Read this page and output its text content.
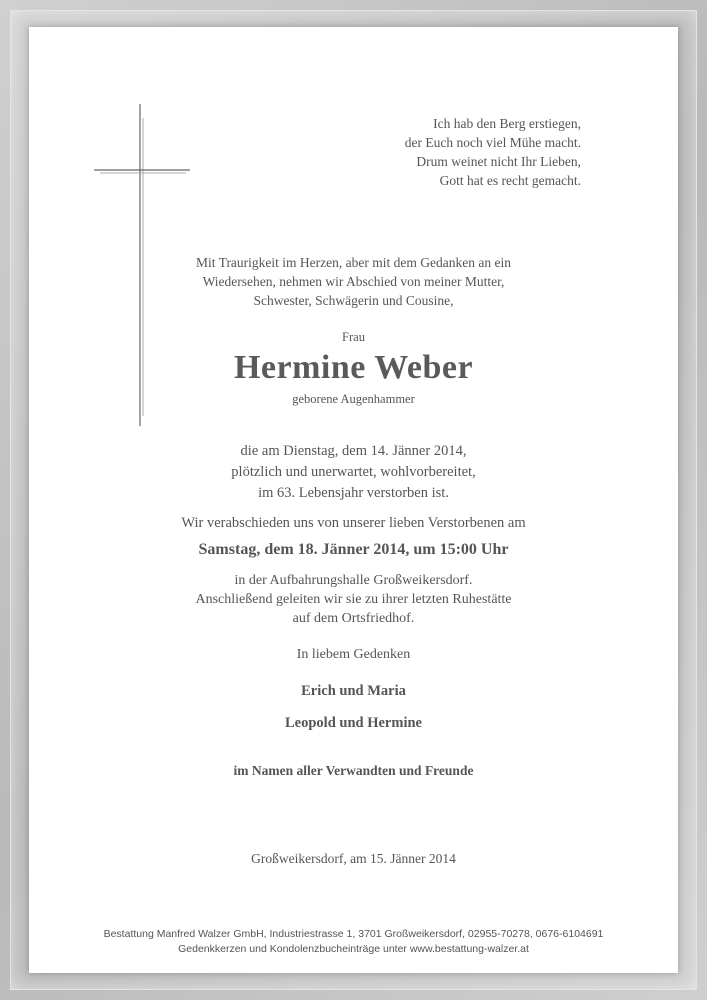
Ich hab den Berg erstiegen,
der Euch noch viel Mühe macht.
Drum weinet nicht Ihr Lieben,
Gott hat es recht gemacht.
Mit Traurigkeit im Herzen, aber mit dem Gedanken an ein
Wiedersehen, nehmen wir Abschied von meiner Mutter,
Schwester, Schwägerin und Cousine,
Frau
Hermine Weber
geborene Augenhammer
die am Dienstag, dem 14. Jänner 2014,
plötzlich und unerwartet, wohlvorbereitet,
im 63. Lebensjahr verstorben ist.
Wir verabschieden uns von unserer lieben Verstorbenen am
Samstag, dem 18. Jänner 2014, um 15:00 Uhr
in der Aufbahrungshalle Großweikersdorf.
Anschließend geleiten wir sie zu ihrer letzten Ruhestätte
auf dem Ortsfriedhof.
In liebem Gedenken
Erich und Maria
Leopold und Hermine
im Namen aller Verwandten und Freunde
Großweikersdorf, am 15. Jänner 2014
Bestattung Manfred Walzer GmbH, Industriestrasse 1, 3701 Großweikersdorf, 02955-70278, 0676-6104691
Gedenkkerzen und Kondolenzbucheinträge unter www.bestattung-walzer.at
